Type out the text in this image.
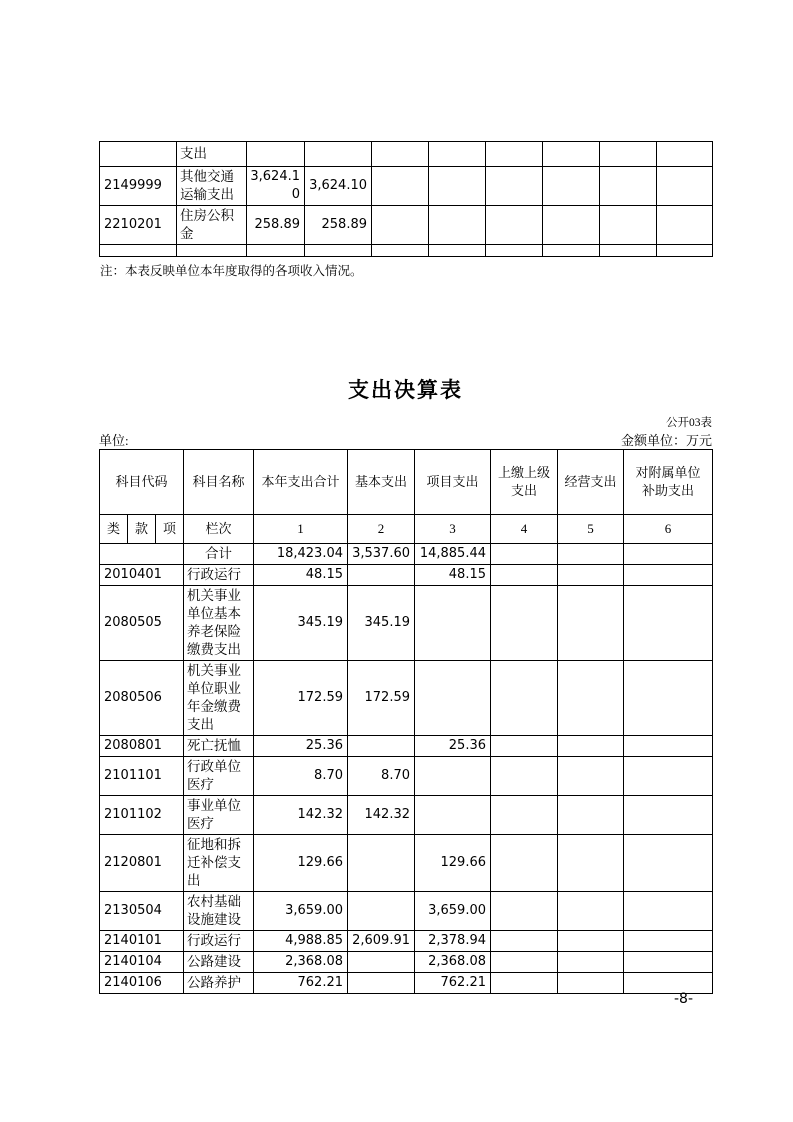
	支出								
2149999	其他交通运输支出	3,624.10	3,624.10						
2210201	住房公积金	258.89	258.89						

注：本表反映单位本年度取得的各项收入情况。
支出决算表
公开03表
单位:	金额单位：万元
科目代码			科目名称	本年支出合计	基本支出	项目支出	上缴上级支出	经营支出	对附属单位补助支出
类	款	项	栏次	1	2	3	4	5	6
			合计	18,423.04	3,537.60	14,885.44			
2010401			行政运行	48.15		48.15			
2080505			机关事业单位基本养老保险缴费支出	345.19	345.19				
2080506			机关事业单位职业年金缴费支出	172.59	172.59				
2080801			死亡抚恤	25.36		25.36			
2101101			行政单位医疗	8.70	8.70				
2101102			事业单位医疗	142.32	142.32				
2120801			征地和拆迁补偿支出	129.66		129.66			
2130504			农村基础设施建设	3,659.00		3,659.00			
2140101			行政运行	4,988.85	2,609.91	2,378.94			
2140104			公路建设	2,368.08		2,368.08			
2140106			公路养护	762.21		762.21			
-8-
